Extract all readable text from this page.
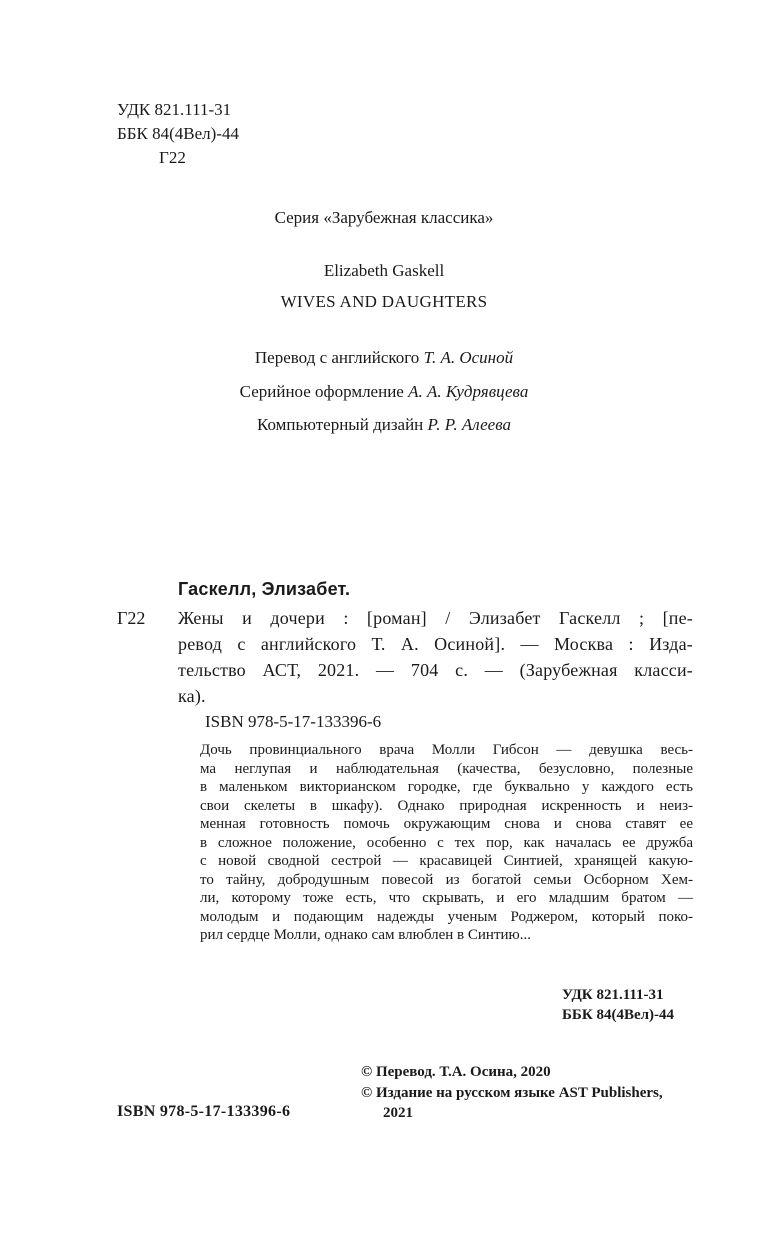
УДК 821.111-31
ББК 84(4Вел)-44
Г22

Серия «Зарубежная классика»

Elizabeth Gaskell

WIVES AND DAUGHTERS

Перевод с английского Т. А. Осиной

Серийное оформление А. А. Кудрявцева

Компьютерный дизайн Р. Р. Алеева

Гаскелл, Элизабет.

Г22 Жены и дочери : [роман] / Элизабет Гаскелл ; [пе-
ревод с английского Т. А. Осиной]. — Москва : Изда-
тельство АСТ, 2021. — 704 с. — (Зарубежная класси-
ка).

ISBN 978-5-17-133396-6

Дочь провинциального врача Молли Гибсон — девушка весь-
ма неглупая и наблюдательная (качества, безусловно, полезные
в маленьком викторианском городке, где буквально у каждого есть
свои скелеты в шкафу). Однако природная искренность и неиз-
менная готовность помочь окружающим снова и снова ставят ее
в сложное положение, особенно с тех пор, как началась ее дружба
с новой сводной сестрой — красавицей Синтией, хранящей какую-
то тайну, добродушным повесой из богатой семьи Осборном Хем-
ли, которому тоже есть, что скрывать, и его младшим братом —
молодым и подающим надежды ученым Роджером, который поко-
рил сердце Молли, однако сам влюблен в Синтию...
УДК 821.111-31
ББК 84(4Вел)-44

ISBN 978-5-17-133396-6

© Перевод. Т.А. Осина, 2020
© Издание на русском языке AST Publishers,
2021
